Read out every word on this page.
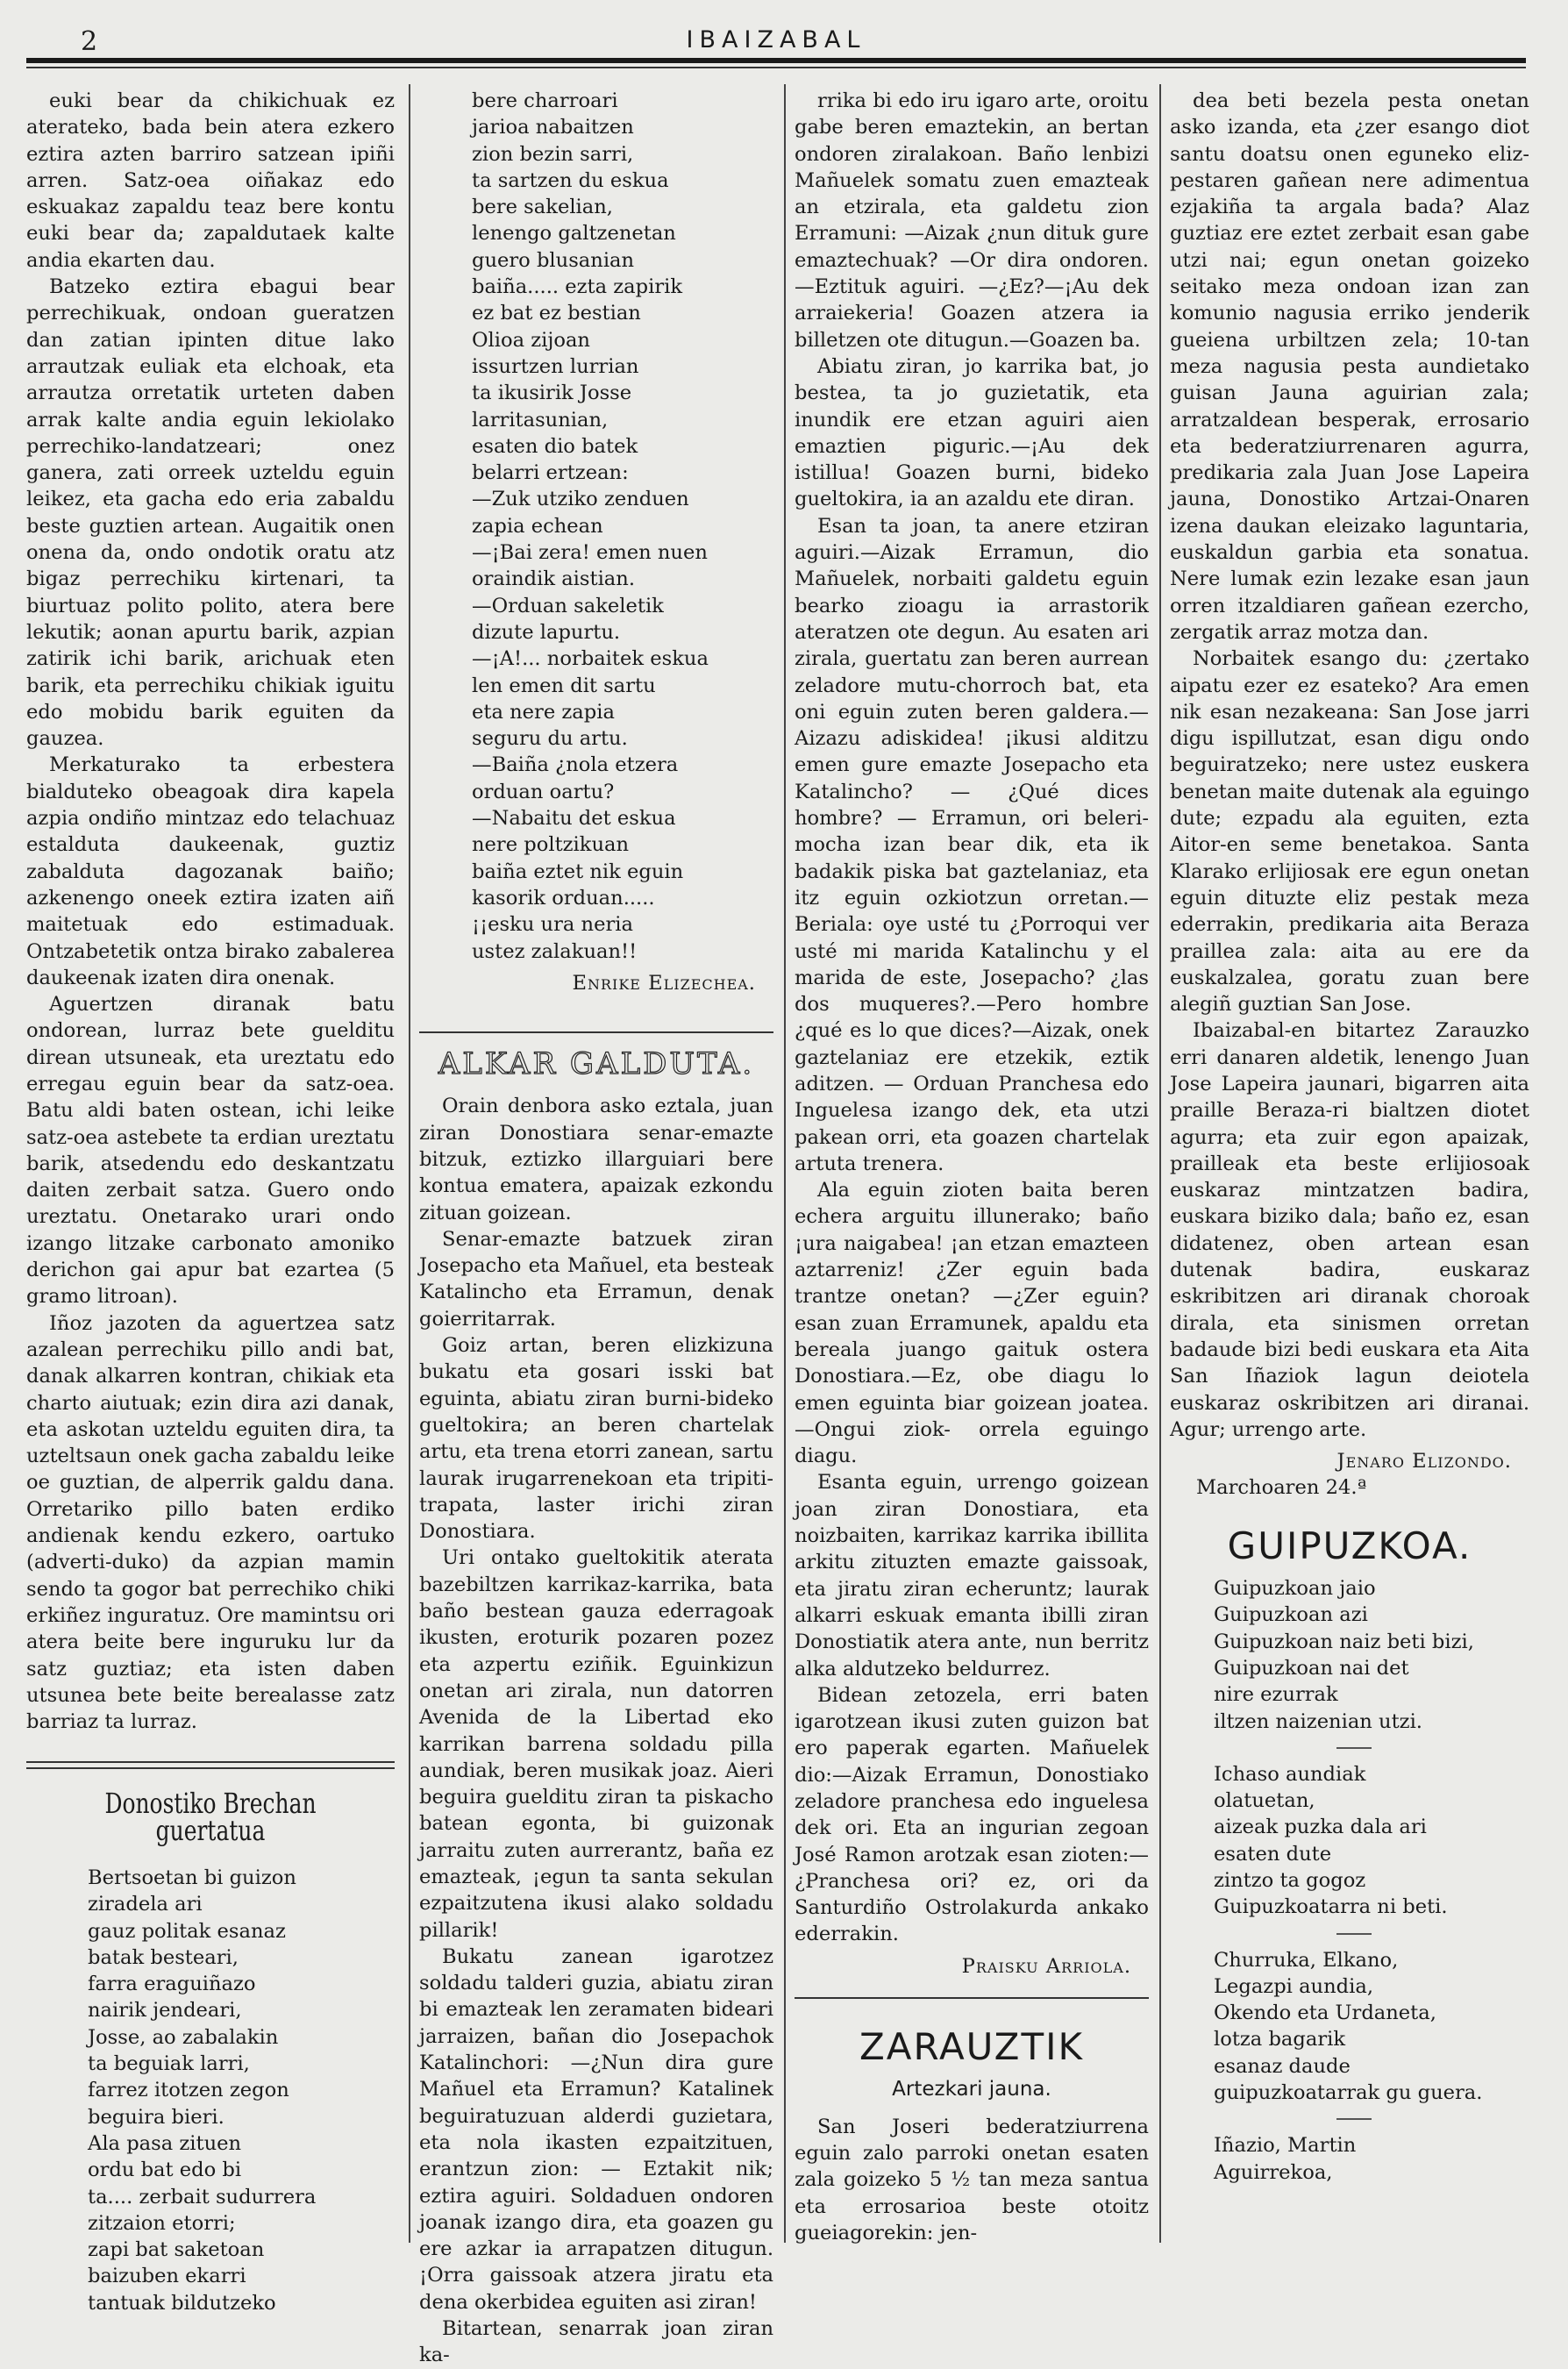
2	IBAIZABAL

euki bear da chikichuak ez aterateko, bada bein atera ezkero eztira azten barriro satzean ipiñi arren. Satz-oea oiñakaz edo eskuakaz zapaldu teaz bere kontu euki bear da; zapaldutaek kalte andia ekarten dau.

Batzeko eztira ebagui bear perrechikuak, ondoan gueratzen dan zatian ipinten ditue lako arrautzak euliak eta elchoak, eta arrautza orretatik urteten daben arrak kalte andia eguin lekiolako perrechiko-landatzeari; onez ganera, zati orreek uzteldu eguin leikez, eta gacha edo eria zabaldu beste guztien artean. Augaitik onen onena da, ondo ondotik oratu atz bigaz perrechiku kirtenari, ta biurtuaz polito polito, atera bere lekutik; aonan apurtu barik, azpian zatirik ichi barik, arichuak eten barik, eta perrechiku chikiak iguitu edo mobidu barik eguiten da gauzea.

Merkaturako ta erbestera bialduteko obeagoak dira kapela azpia ondiño mintzaz edo telachuaz estalduta daukeenak, guztiz zabalduta dagozanak baiño; azkenengo oneek eztira izaten aiñ maitetuak edo estimaduak. Ontzabetetik ontza birako zabalerea daukeenak izaten dira onenak.

Aguertzen diranak batu ondorean, lurraz bete guelditu direan utsuneak, eta ureztatu edo erregau eguin bear da satz-oea. Batu aldi baten ostean, ichi leike satz-oea astebete ta erdian ureztatu barik, atsedendu edo deskantzatu daiten zerbait satza. Guero ondo ureztatu. Onetarako urari ondo izango litzake carbonato amoniko derichon gai apur bat ezartea (5 gramo litroan).

Iñoz jazoten da aguertzea satz azalean perrechiku pillo andi bat, danak alkarren kontran, chikiak eta charto aiutuak; ezin dira azi danak, eta askotan uzteldu eguiten dira, ta uzteltsaun onek gacha zabaldu leike oe guztian, de alperrik galdu dana. Orretariko pillo baten erdiko andienak kendu ezkero, oartuko (adverti-duko) da azpian mamin sendo ta gogor bat perrechiko chiki erkiñez inguratuz. Ore mamintsu ori atera beite bere inguruku lur da satz guztiaz; eta isten daben utsunea bete beite berealasse zatz barriaz ta lurraz.

Donostiko Brechan guertatua
Bertsoetan bi guizon
ziradela ari
gauz politak esanaz
batak besteari,
farra eraguiñazo
nairik jendeari,
Josse, ao zabalakin
ta beguiak larri,
farrez itotzen zegon
beguira bieri.
Ala pasa zituen
ordu bat edo bi
ta.... zerbait sudurrera
zitzaion etorri;
zapi bat saketoan
baizuben ekarri
tantuak bildutzeko
bere charroari
jarioa nabaitzen
zion bezin sarri,
ta sartzen du eskua
bere sakelian,
lenengo galtzenetan
guero blusanian
baiña..... ezta zapirik
ez bat ez bestian
Olioa zijoan
issurtzen lurrian
ta ikusirik Josse
larritasunian,
esaten dio batek
belarri ertzean:
—Zuk utziko zenduen
zapia echean
—¡Bai zera! emen nuen
oraindik aistian.
—Orduan sakeletik
dizute lapurtu.
—¡A!... norbaitek eskua
len emen dit sartu
eta nere zapia
seguru du artu.
—Baiña ¿nola etzera
orduan oartu?
—Nabaitu det eskua
nere poltzikuan
baiña eztet nik eguin
kasorik orduan.....
¡¡esku ura neria
ustez zalakuan!!
Enrike Elizechea.
ALKAR GALDUTA.

Orain denbora asko eztala, juan ziran Donostiara senar-emazte bitzuk, eztizko illarguiari bere kontua ematera, apaizak ezkondu zituan goizean.

Senar-emazte batzuek ziran Josepacho eta Mañuel, eta besteak Katalincho eta Erramun, denak goierritarrak.

Goiz artan, beren elizkizuna bukatu eta gosari isski bat eguinta, abiatu ziran burni-bideko gueltokira; an beren chartelak artu, eta trena etorri zanean, sartu laurak irugarrenekoan eta tripiti-trapata, laster irichi ziran Donostiara.

Uri ontako gueltokitik aterata bazebiltzen karrikaz-karrika, bata baño bestean gauza ederragoak ikusten, eroturik pozaren pozez eta azpertu eziñik. Eguinkizun onetan ari zirala, nun datorren Avenida de la Libertad eko karrikan barrena soldadu pilla aundiak, beren musikak joaz. Aieri beguira guelditu ziran ta piskacho batean egonta, bi guizonak jarraitu zuten aurrerantz, baña ez emazteak, ¡egun ta santa sekulan ezpaitzutena ikusi alako soldadu pillarik!

Bukatu zanean igarotzez soldadu talderi guzia, abiatu ziran bi emazteak len zeramaten bideari jarraizen, bañan dio Josepachok Katalinchori: —¿Nun dira gure Mañuel eta Erramun? Katalinek beguiratuzuan alderdi guzietara, eta nola ikasten ezpaitzituen, erantzun zion: — Eztakit nik; eztira aguiri. Soldaduen ondoren joanak izango dira, eta goazen gu ere azkar ia arrapatzen ditugun. ¡Orra gaissoak atzera jiratu eta dena okerbidea eguiten asi ziran!

Bitartean, senarrak joan ziran ka-

rrika bi edo iru igaro arte, oroitu gabe beren emaztekin, an bertan ondoren ziralakoan. Baño lenbizi Mañuelek somatu zuen emazteak an etzirala, eta galdetu zion Erramuni: —Aizak ¿nun dituk gure emaztechuak? —Or dira ondoren.—Eztituk aguiri. —¿Ez?—¡Au dek arraiekeria! Goazen atzera ia billetzen ote ditugun.—Goazen ba.

Abiatu ziran, jo karrika bat, jo bestea, ta jo guzietatik, eta inundik ere etzan aguiri aien emaztien piguric.—¡Au dek istillua! Goazen burni, bideko gueltokira, ia an azaldu ete diran.

Esan ta joan, ta anere etziran aguiri.—Aizak Erramun, dio Mañuelek, norbaiti galdetu eguin bearko zioagu ia arrastorik ateratzen ote degun. Au esaten ari zirala, guertatu zan beren aurrean zeladore mutu-chorroch bat, eta oni eguin zuten beren galdera.—Aizazu adiskidea! ¡ikusi alditzu emen gure emazte Josepacho eta Katalincho? — ¿Qué dices hombre? — Erramun, ori beleri-mocha izan bear dik, eta ik badakik piska bat gaztelaniaz, eta itz eguin ozkiotzun orretan.—Beriala: oye usté tu ¿Porroqui ver usté mi marida Katalinchu y el marida de este, Josepacho? ¿las dos muqueres?.—Pero hombre ¿qué es lo que dices?—Aizak, onek gaztelaniaz ere etzekik, eztik aditzen. — Orduan Pranchesa edo Inguelesa izango dek, eta utzi pakean orri, eta goazen chartelak artuta trenera.

Ala eguin zioten baita beren echera arguitu illunerako; baño ¡ura naigabea! ¡an etzan emazteen aztarreniz! ¿Zer eguin bada trantze onetan? —¿Zer eguin? esan zuan Erramunek, apaldu eta bereala juango gaituk ostera Donostiara.—Ez, obe diagu lo emen eguinta biar goizean joatea.—Ongui ziok- orrela eguingo diagu.

Esanta eguin, urrengo goizean joan ziran Donostiara, eta noizbaiten, karrikaz karrika ibillita arkitu zituzten emazte gaissoak, eta jiratu ziran echeruntz; laurak alkarri eskuak emanta ibilli ziran Donostiatik atera ante, nun berritz alka aldutzeko beldurrez.

Bidean zetozela, erri baten igarotzean ikusi zuten guizon bat ero paperak egarten. Mañuelek dio:—Aizak Erramun, Donostiako zeladore pranchesa edo inguelesa dek ori. Eta an ingurian zegoan José Ramon arotzak esan zioten:—¿Pranchesa ori? ez, ori da Santurdiño Ostrolakurda ankako ederrakin.

Praisku Arriola.
ZARAUZTIK
Artezkari jauna.

San Joseri bederatziurrena eguin zalo parroki onetan esaten zala goizeko 5 ½ tan meza santua eta errosarioa beste otoitz gueiagorekin: jen-

dea beti bezela pesta onetan asko izanda, eta ¿zer esango diot santu doatsu onen eguneko eliz-pestaren gañean nere adimentua ezjakiña ta argala bada? Alaz guztiaz ere eztet zerbait esan gabe utzi nai; egun onetan goizeko seitako meza ondoan izan zan komunio nagusia erriko jenderik gueiena urbiltzen zela; 10-tan meza nagusia pesta aundietako guisan Jauna aguirian zala; arratzaldean besperak, errosario eta bederatziurrenaren agurra, predikaria zala Juan Jose Lapeira jauna, Donostiko Artzai-Onaren izena daukan eleizako laguntaria, euskaldun garbia eta sonatua. Nere lumak ezin lezake esan jaun orren itzaldiaren gañean ezercho, zergatik arraz motza dan.

Norbaitek esango du: ¿zertako aipatu ezer ez esateko? Ara emen nik esan nezakeana: San Jose jarri digu ispillutzat, esan digu ondo beguiratzeko; nere ustez euskera benetan maite dutenak ala eguingo dute; ezpadu ala eguiten, ezta Aitor-en seme benetakoa. Santa Klarako erlijiosak ere egun onetan eguin dituzte eliz pestak meza ederrakin, predikaria aita Beraza praillea zala: aita au ere da euskalzalea, goratu zuan bere alegiñ guztian San Jose.

Ibaizabal-en bitartez Zarauzko erri danaren aldetik, lenengo Juan Jose Lapeira jaunari, bigarren aita praille Beraza-ri bialtzen diotet agurra; eta zuir egon apaizak, prailleak eta beste erlijiosoak euskaraz mintzatzen badira, euskara biziko dala; baño ez, esan didatenez, oben artean esan dutenak badira, euskaraz eskribitzen ari diranak choroak dirala, eta sinismen orretan badaude bizi bedi euskara eta Aita San Iñaziok lagun deiotela euskaraz oskribitzen ari diranai. Agur; urrengo arte.

Jenaro Elizondo.

Marchoaren 24.ª

GUIPUZKOA.
Guipuzkoan jaio
Guipuzkoan azi
Guipuzkoan naiz beti bizi,
Guipuzkoan nai det
nire ezurrak
iltzen naizenian utzi.
Ichaso aundiak
olatuetan,
aizeak puzka dala ari
esaten dute
zintzo ta gogoz
Guipuzkoatarra ni beti.
Churruka, Elkano,
Legazpi aundia,
Okendo eta Urdaneta,
lotza bagarik
esanaz daude
guipuzkoatarrak gu guera.
Iñazio, Martin
Aguirrekoa,
